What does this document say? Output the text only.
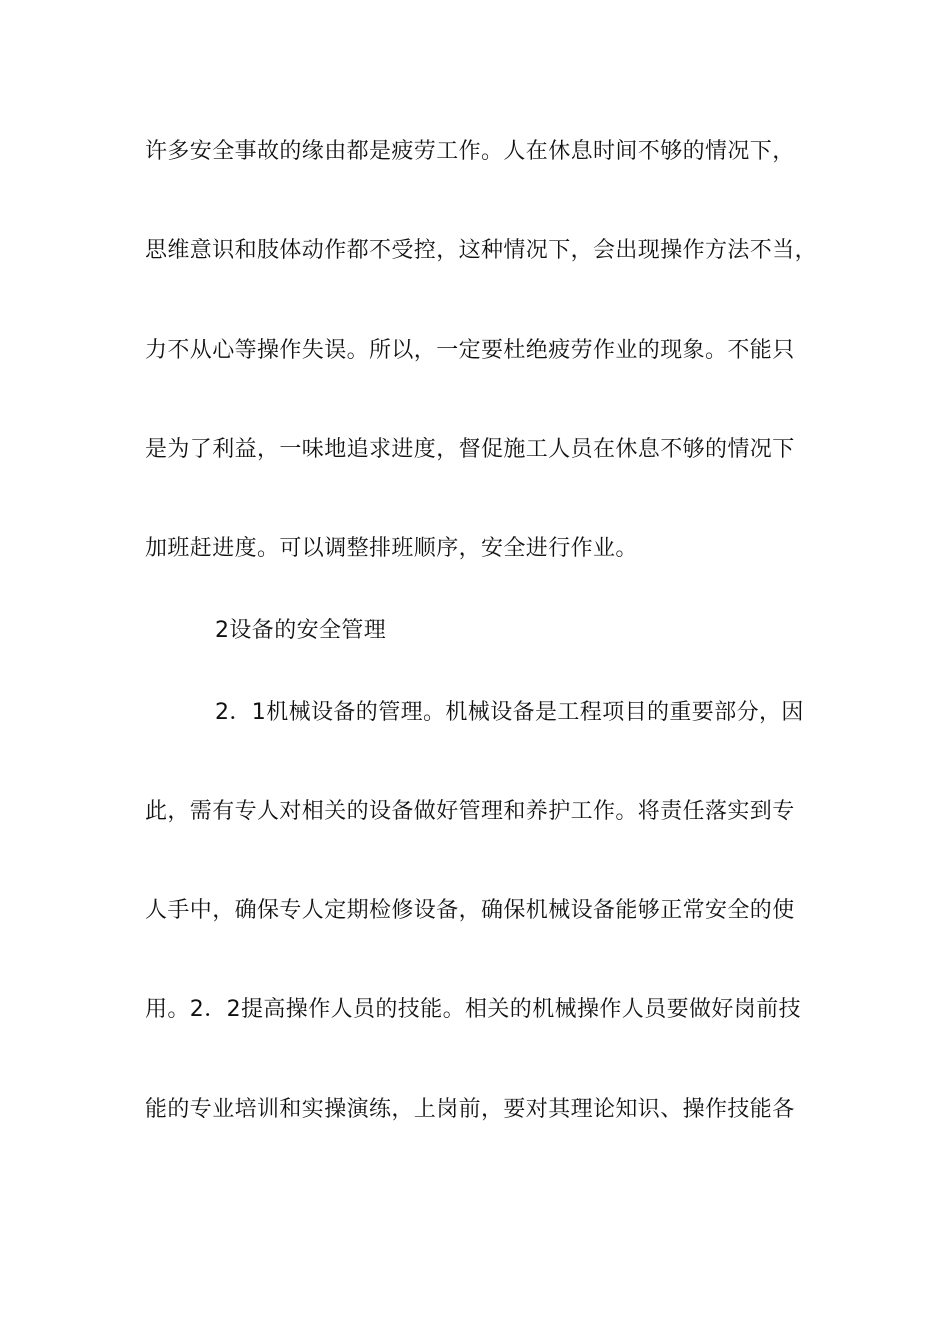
许多安全事故的缘由都是疲劳工作。人在休息时间不够的情况下，
思维意识和肢体动作都不受控，这种情况下，会出现操作方法不当，
力不从心等操作失误。所以，一定要杜绝疲劳作业的现象。不能只
是为了利益，一味地追求进度，督促施工人员在休息不够的情况下
加班赶进度。可以调整排班顺序，安全进行作业。
2设备的安全管理
2．1机械设备的管理。机械设备是工程项目的重要部分，因
此，需有专人对相关的设备做好管理和养护工作。将责任落实到专
人手中，确保专人定期检修设备，确保机械设备能够正常安全的使
用。2．2提高操作人员的技能。相关的机械操作人员要做好岗前技
能的专业培训和实操演练，上岗前，要对其理论知识、操作技能各
